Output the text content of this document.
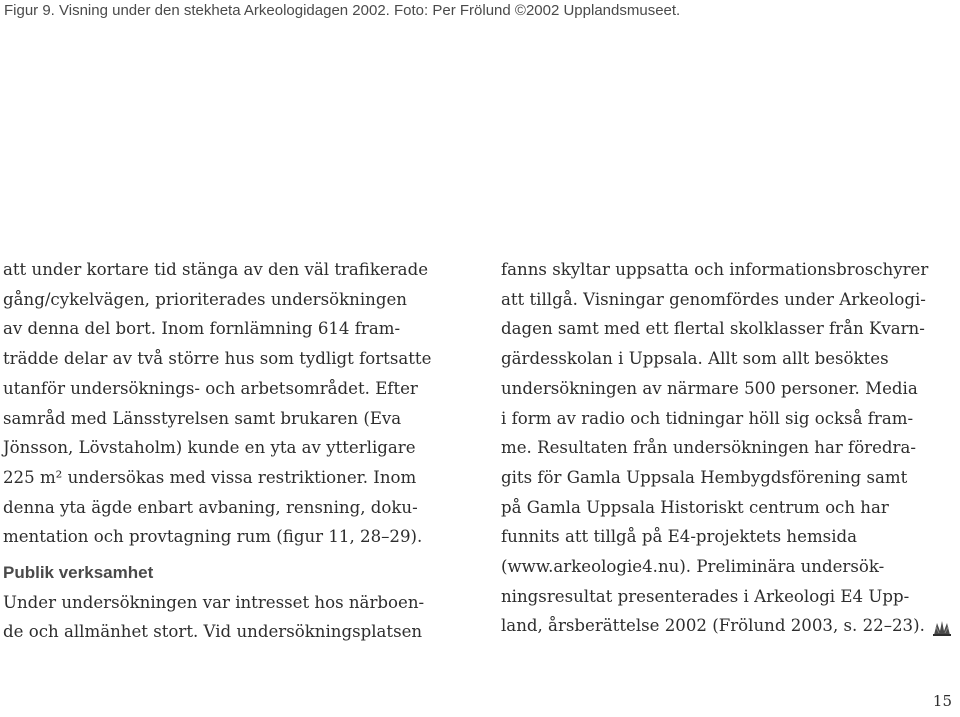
Figur 9. Visning under den stekheta Arkeologidagen 2002. Foto: Per Frölund ©2002 Upplandsmuseet.
att under kortare tid stänga av den väl trafikerade
gång/cykelvägen, prioriterades undersökningen
av denna del bort. Inom fornlämning 614 fram-
trädde delar av två större hus som tydligt fortsatte
utanför undersöknings- och arbetsområdet. Efter
samråd med Länsstyrelsen samt brukaren (Eva
Jönsson, Lövstaholm) kunde en yta av ytterligare
225 m² undersökas med vissa restriktioner. Inom
denna yta ägde enbart avbaning, rensning, doku-
mentation och provtagning rum (figur 11, 28–29).
Publik verksamhet
Under undersökningen var intresset hos närboen-
de och allmänhet stort. Vid undersökningsplatsen
fanns skyltar uppsatta och informationsbroschyrer
att tillgå. Visningar genomfördes under Arkeologi-
dagen samt med ett flertal skolklasser från Kvarn-
gärdesskolan i Uppsala. Allt som allt besöktes
undersökningen av närmare 500 personer. Media
i form av radio och tidningar höll sig också fram-
me. Resultaten från undersökningen har föredra-
gits för Gamla Uppsala Hembygdsförening samt
på Gamla Uppsala Historiskt centrum och har
funnits att tillgå på E4-projektets hemsida
(www.arkeologie4.nu). Preliminära undersök-
ningsresultat presenterades i Arkeologi E4 Upp-
land, årsberättelse 2002 (Frölund 2003, s. 22–23).
15
